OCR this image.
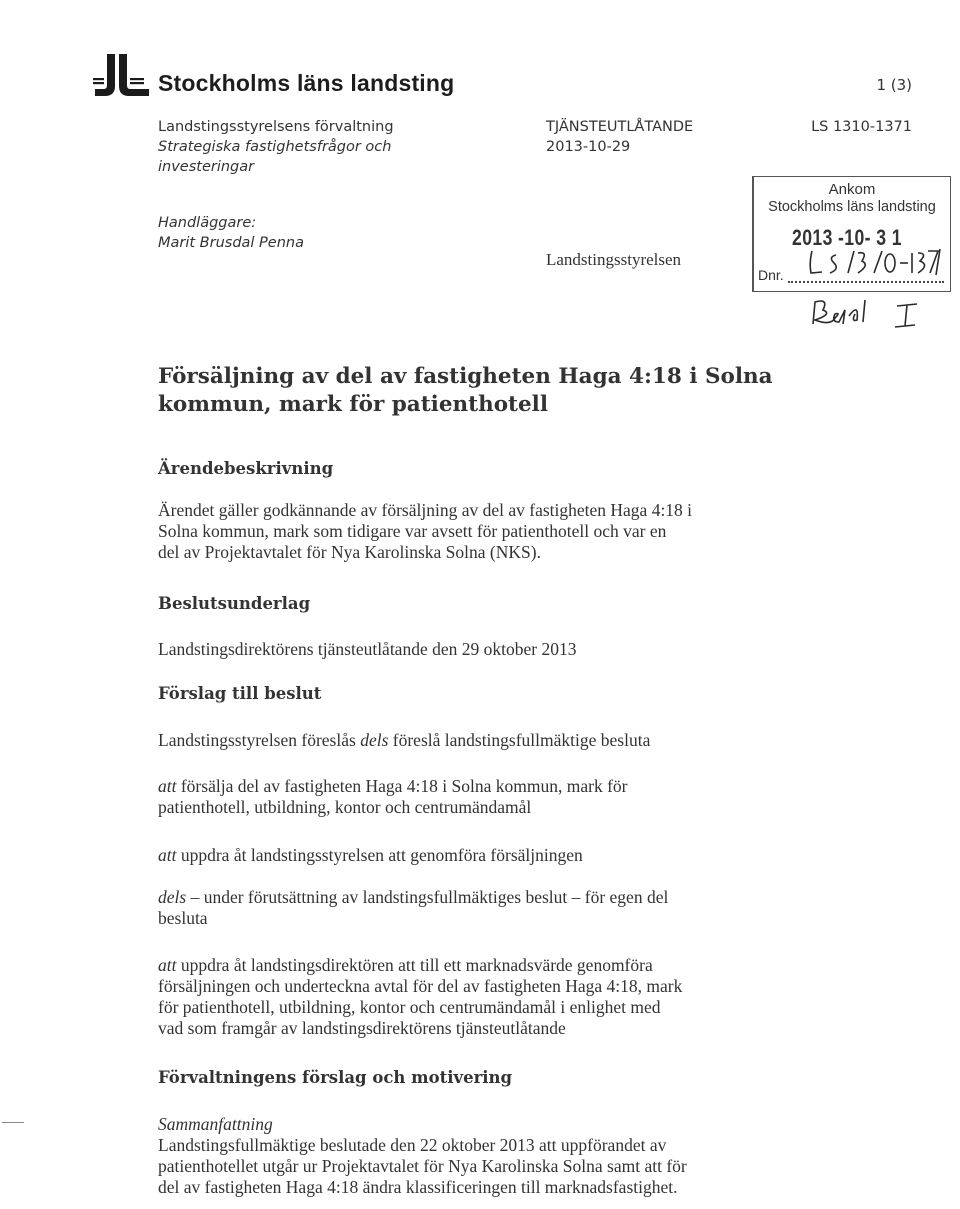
Stockholms läns landsting	1 (3)
Landstingsstyrelsens förvaltning
Strategiska fastighetsfrågor och
investeringar
Handläggare:
Marit Brusdal Penna
TJÄNSTEUTLÅTANDE
2013-10-29
LS 1310-1371
Landstingsstyrelsen
Ankom
Stockholms läns landsting
2013 -10- 3 1
Dnr.
Försäljning av del av fastigheten Haga 4:18 i Solna
kommun, mark för patienthotell
Ärendebeskrivning
Ärendet gäller godkännande av försäljning av del av fastigheten Haga 4:18 i
Solna kommun, mark som tidigare var avsett för patienthotell och var en
del av Projektavtalet för Nya Karolinska Solna (NKS).
Beslutsunderlag
Landstingsdirektörens tjänsteutlåtande den 29 oktober 2013
Förslag till beslut
Landstingsstyrelsen föreslås dels föreslå landstingsfullmäktige besluta
att försälja del av fastigheten Haga 4:18 i Solna kommun, mark för
patienthotell, utbildning, kontor och centrumändamål
att uppdra åt landstingsstyrelsen att genomföra försäljningen
dels – under förutsättning av landstingsfullmäktiges beslut – för egen del
besluta
att uppdra åt landstingsdirektören att till ett marknadsvärde genomföra
försäljningen och underteckna avtal för del av fastigheten Haga 4:18, mark
för patienthotell, utbildning, kontor och centrumändamål i enlighet med
vad som framgår av landstingsdirektörens tjänsteutlåtande
Förvaltningens förslag och motivering
Sammanfattning
Landstingsfullmäktige beslutade den 22 oktober 2013 att uppförandet av
patienthotellet utgår ur Projektavtalet för Nya Karolinska Solna samt att för
del av fastigheten Haga 4:18 ändra klassificeringen till marknadsfastighet.
